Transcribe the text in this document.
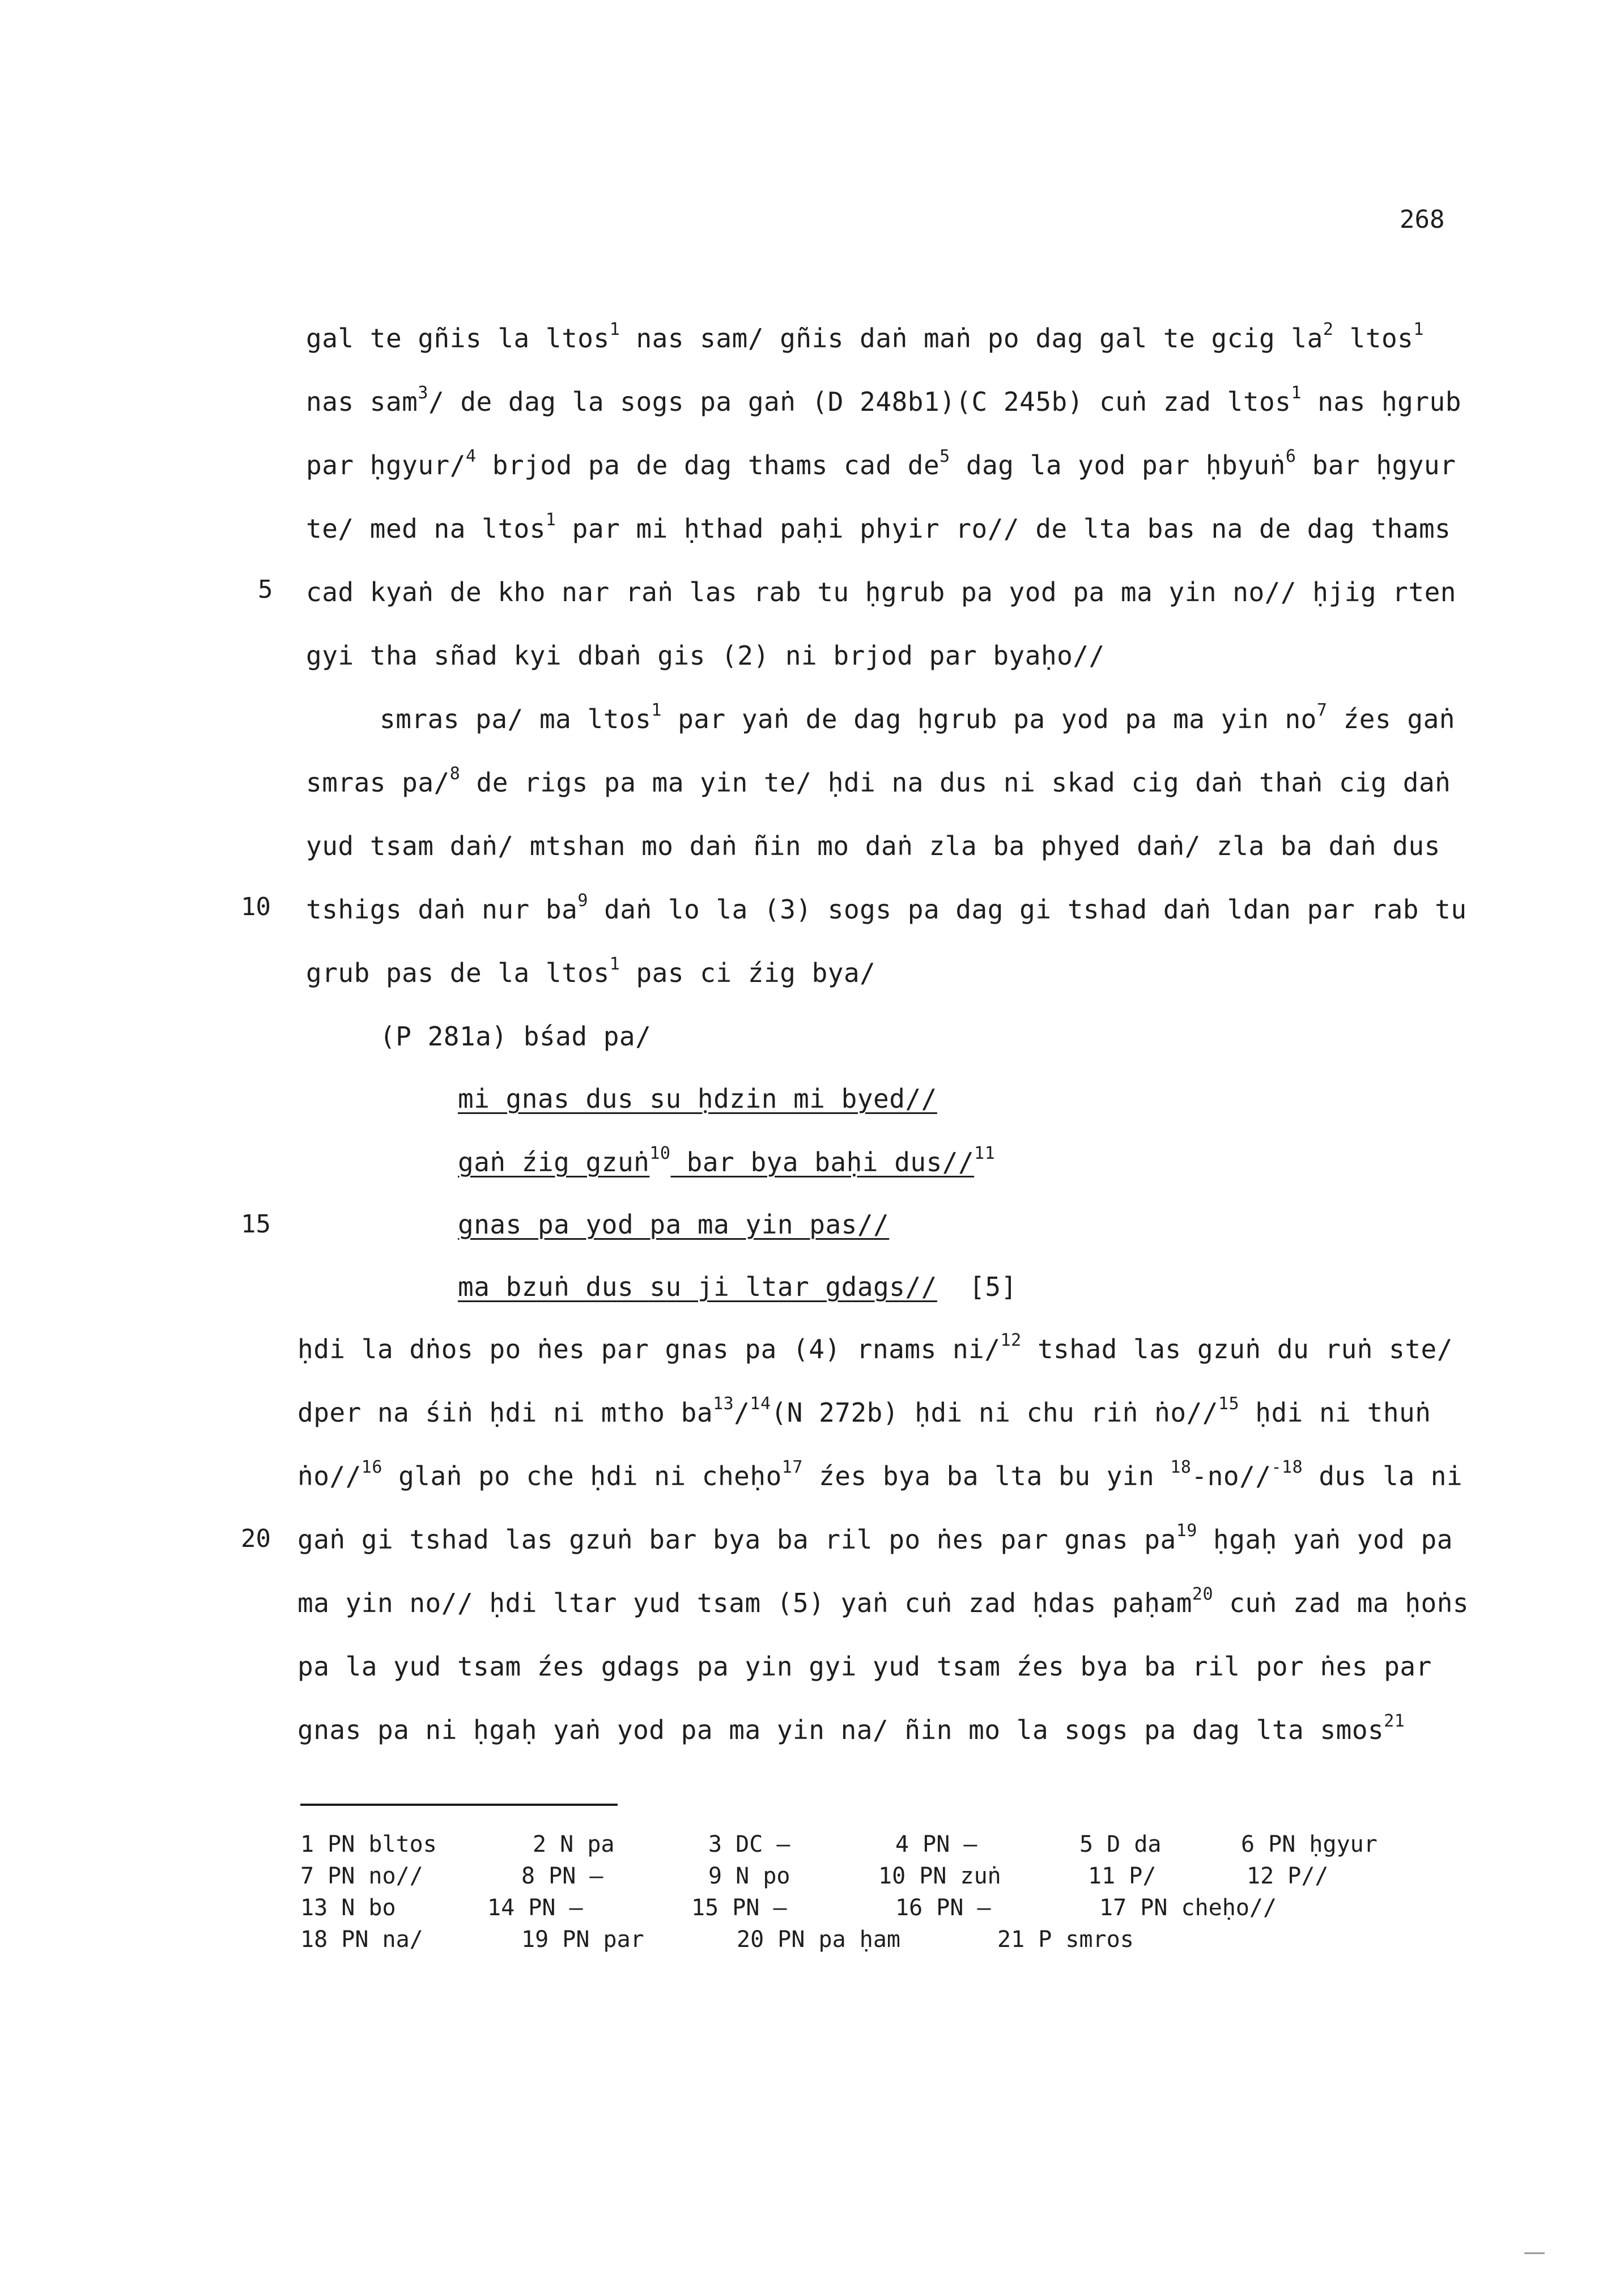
268
5
10
15
20
gal te gñis la ltos$^1$ nas sam/ gñis daṅ maṅ po dag gal te gcig $la^2$ ltos$^1$
nas sam$^3$/ de dag la sogs pa gaṅ (D 248b1)(C 245b) cuṅ zad ltos$^1$ nas ḥgrub
par ḥgyur/$^4$ brjod pa de dag thams cad $de^5$ dag la yod par ḥbyuṅ$^6$ bar ḥgyur
te/ med na ltos$^1$ par mi ḥthad paḥi phyir ro// de lta bas na de dag thams
cad kyaṅ de kho nar raṅ las rab tu ḥgrub pa yod pa ma yin no// ḥjig rten
gyi tha sñad kyi dbaṅ gis (2) ni brjod par byaḥo//
smras pa/ ma ltos$^1$ par yaṅ de dag ḥgrub pa yod pa ma yin $no^7$ źes gaṅ
smras pa/$^8$ de rigs pa ma yin te/ ḥdi na dus ni skad cig daṅ thaṅ cig daṅ
yud tsam daṅ/ mtshan mo daṅ ñin mo daṅ zla ba phyed daṅ/ zla ba daṅ dus
tshigs daṅ nur $ba^9$ daṅ lo la (3) sogs pa dag gi tshad daṅ ldan par rab tu
grub pas de la ltos$^1$ pas ci źig bya/
(P 281a) bśad pa/
mi gnas dus su ḥdzin mi byed//
gaṅ źig gzuṅ$^{10}$ bar bya baḥi dus//$^{11}$
gnas pa yod pa ma yin pas//
ma bzuṅ dus su ji ltar gdags// [5]
ḥdi la dṅos po ṅes par gnas pa (4) rnams ni/$^{12}$ tshad las gzuṅ du ruṅ ste/
dper na śiṅ ḥdi ni mtho $ba^{13}/^{14}(N$ 272b) ḥdi ni chu riṅ ṅo//$^{15}$ ḥdi ni thuṅ
ṅo//$^{16}$ glaṅ po che ḥdi ni cheḥo$^{17}$ źes bya ba lta bu yin $^{18}$-no//$^{-18}$ dus la ni
gaṅ gi tshad las gzuṅ bar bya ba ril po ṅes par gnas $pa^{19}$ ḥgaḥ yaṅ yod pa
ma yin no// ḥdi ltar yud tsam (5) yaṅ cuṅ zad ḥdas paḥam$^{20}$ cuṅ zad ma ḥoṅs
pa la yud tsam źes gdags pa yin gyi yud tsam źes bya ba ril por ṅes par
gnas pa ni ḥgaḥ yaṅ yod pa ma yin na/ ñin mo la sogs pa dag lta smos$^{21}$

1 PN bltos

	2 N pa

	3 DC —

	4 PN —

	5 D da

	6 PN ḥgyur

7 PN no//

	8 PN —

	9 N po

	10 PN zuṅ

	11 P/

	12 P//

13 N bo

	14 PN —

	15 PN —

	16 PN —

	17 PN cheḥo//

18 PN na/

	19 PN par

	20 PN pa ḥam

	21 P smros
